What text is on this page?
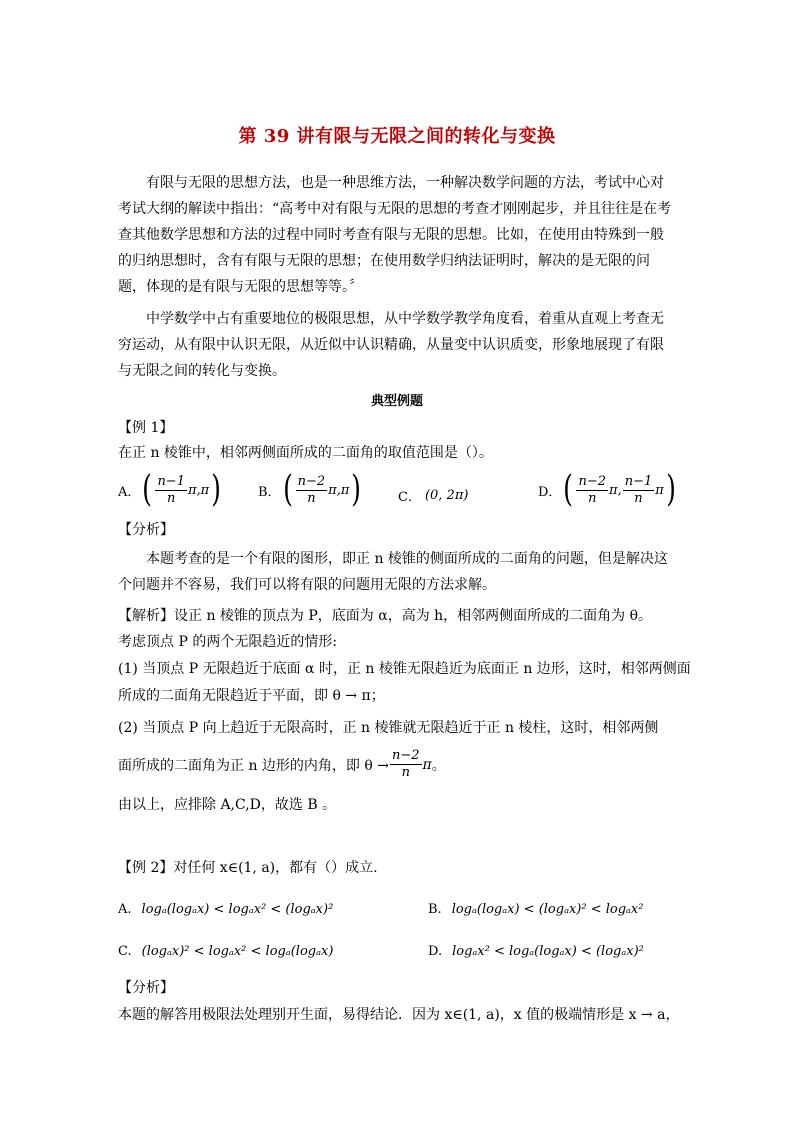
第 39 讲有限与无限之间的转化与变换
有限与无限的思想方法，也是一种思维方法，一种解决数学问题的方法，考试中心对考试大纲的解读中指出：“高考中对有限与无限的思想的考查才刚刚起步，并且往往是在考查其他数学思想和方法的过程中同时考查有限与无限的思想。比如，在使用由特殊到一般的归纳思想时，含有有限与无限的思想；在使用数学归纳法证明时，解决的是无限的问题，体现的是有限与无限的思想等等。〞
中学数学中占有重要地位的极限思想，从中学数学教学角度看，着重从直观上考查无穷运动，从有限中认识无限，从近似中认识精确，从量变中认识质变，形象地展现了有限与无限之间的转化与变换。
典型例题
【例 1】
在正 n 棱锥中，相邻两侧面所成的二面角的取值范围是（）。
A． ( $\frac{n-1}{n}$ π , π )	B． ( $\frac{n-2}{n}$ π , π )	C． (0, 2π)	D． ( $\frac{n-2}{n}$ π , $\frac{n-1}{n}$ π )
【分析】
本题考查的是一个有限的图形，即正 n 棱锥的侧面所成的二面角的问题，但是解决这个问题并不容易，我们可以将有限的问题用无限的方法求解。
【解析】设正 n 棱锥的顶点为 P，底面为 α，高为 h，相邻两侧面所成的二面角为 θ。
考虑顶点 P 的两个无限趋近的情形:
(1) 当顶点 P 无限趋近于底面 α 时，正 n 棱锥无限趋近为底面正 n 边形，这时，相邻两侧面
所成的二面角无限趋近于平面，即 θ → π；
(2) 当顶点 P 向上趋近于无限高时，正 n 棱锥就无限趋近于正 n 棱柱，这时，相邻两侧
面所成的二面角为正 n 边形的内角，即 $\theta \to \frac{n-2}{n}$ π 。
由以上，应排除 A,C,D，故选 B 。
【例 2】对任何 x∈(1, a)，都有（）成立.
A. logₐ(logₐx) < logₐx² < (logₐx)²	B. logₐ(logₐx) < (logₐx)² < logₐx²
C. (logₐx)² < logₐx² < logₐ(logₐx)	D. logₐx² < logₐ(logₐx) < (logₐx)²
【分析】
本题的解答用极限法处理别开生面，易得结论．因为 x∈(1, a)，x 值的极端情形是 x → a，
